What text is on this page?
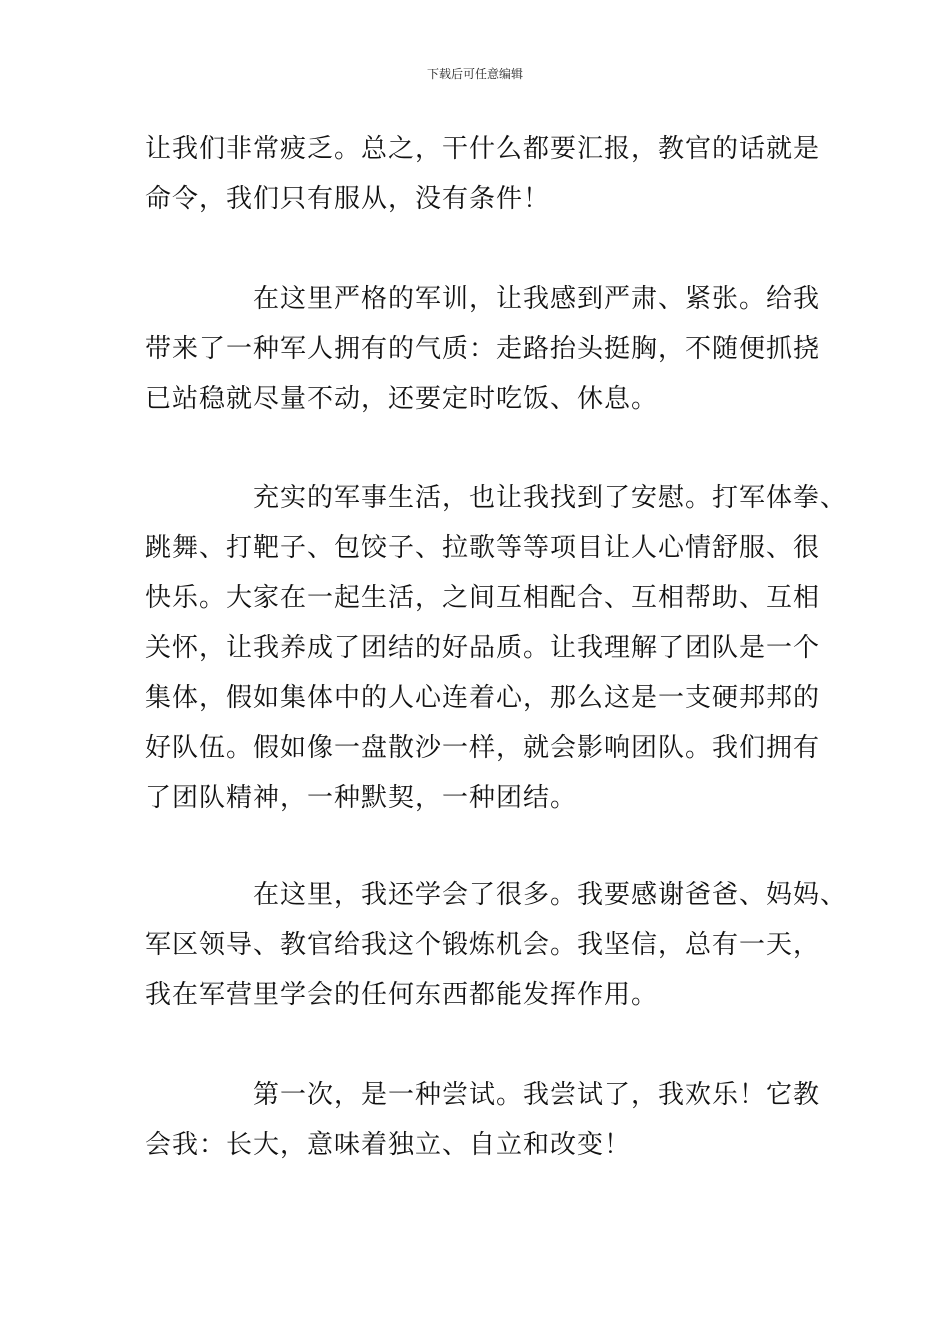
下载后可任意编辑
让我们非常疲乏。总之，干什么都要汇报，教官的话就是
命令，我们只有服从，没有条件！
在这里严格的军训，让我感到严肃、紧张。给我
带来了一种军人拥有的气质：走路抬头挺胸，不随便抓挠
已站稳就尽量不动，还要定时吃饭、休息。
充实的军事生活，也让我找到了安慰。打军体拳、
跳舞、打靶子、包饺子、拉歌等等项目让人心情舒服、很
快乐。大家在一起生活，之间互相配合、互相帮助、互相
关怀，让我养成了团结的好品质。让我理解了团队是一个
集体，假如集体中的人心连着心，那么这是一支硬邦邦的
好队伍。假如像一盘散沙一样，就会影响团队。我们拥有
了团队精神，一种默契，一种团结。
在这里，我还学会了很多。我要感谢爸爸、妈妈、
军区领导、教官给我这个锻炼机会。我坚信，总有一天，
我在军营里学会的任何东西都能发挥作用。
第一次，是一种尝试。我尝试了，我欢乐！它教
会我：长大，意味着独立、自立和改变！
